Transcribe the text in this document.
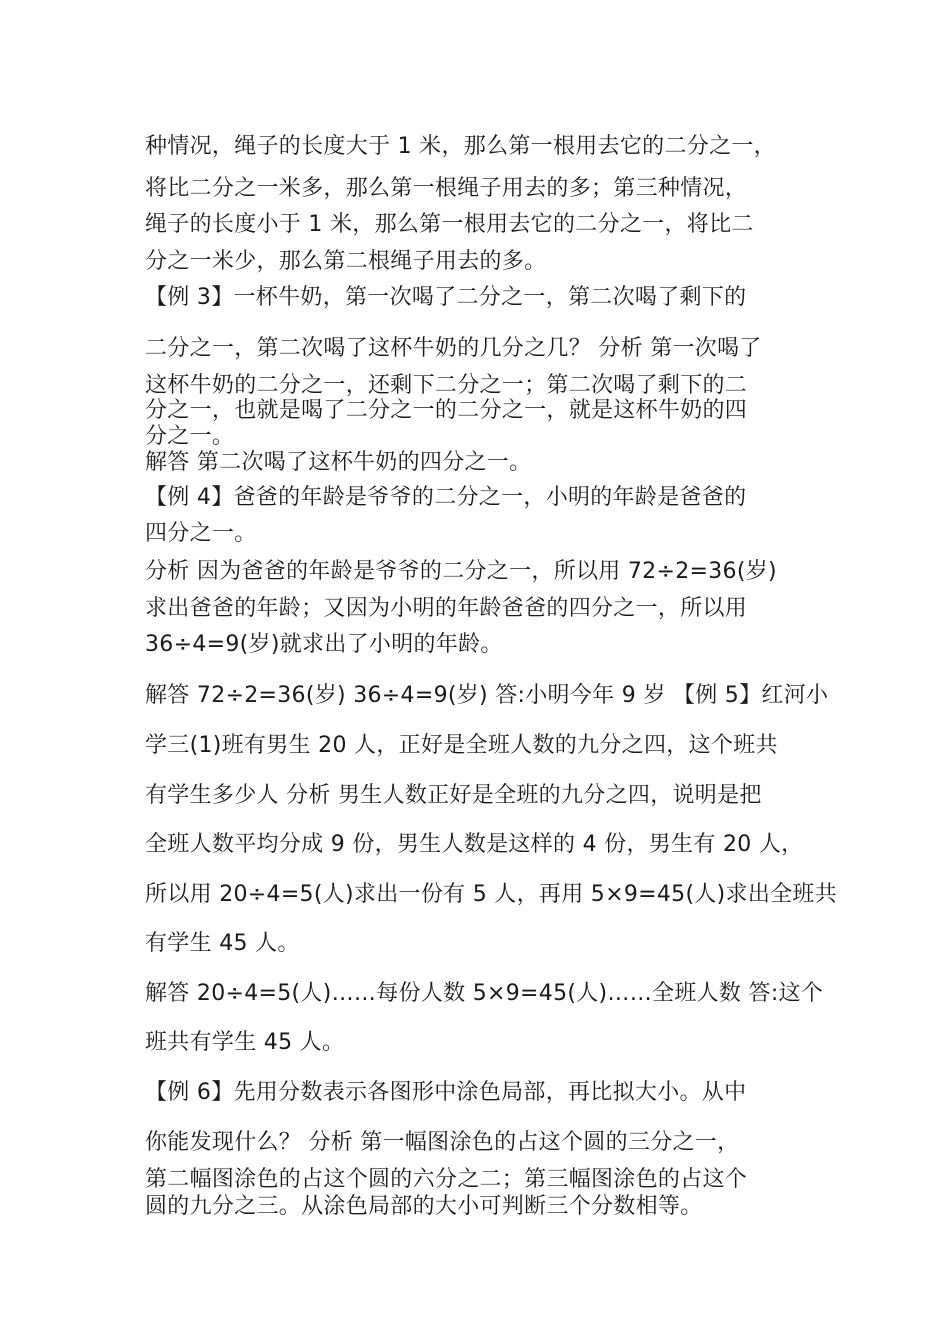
种情况，绳子的长度大于 1 米，那么第一根用去它的二分之一，
将比二分之一米多，那么第一根绳子用去的多；第三种情况，
绳子的长度小于 1 米，那么第一根用去它的二分之一，将比二
分之一米少，那么第二根绳子用去的多。
【例 3】一杯牛奶，第一次喝了二分之一，第二次喝了剩下的
二分之一，第二次喝了这杯牛奶的几分之几？ 分析 第一次喝了
这杯牛奶的二分之一，还剩下二分之一；第二次喝了剩下的二
分之一，也就是喝了二分之一的二分之一，就是这杯牛奶的四
分之一。
解答 第二次喝了这杯牛奶的四分之一。
【例 4】爸爸的年龄是爷爷的二分之一，小明的年龄是爸爸的
四分之一。
分析 因为爸爸的年龄是爷爷的二分之一，所以用 72÷2=36(岁)
求出爸爸的年龄；又因为小明的年龄爸爸的四分之一，所以用
36÷4=9(岁)就求出了小明的年龄。
解答 72÷2=36(岁) 36÷4=9(岁) 答:小明今年 9 岁 【例 5】红河小
学三(1)班有男生 20 人，正好是全班人数的九分之四，这个班共
有学生多少人 分析 男生人数正好是全班的九分之四，说明是把
全班人数平均分成 9 份，男生人数是这样的 4 份，男生有 20 人，
所以用 20÷4=5(人)求出一份有 5 人，再用 5×9=45(人)求出全班共
有学生 45 人。
解答 20÷4=5(人)……每份人数 5×9=45(人)……全班人数 答:这个
班共有学生 45 人。
【例 6】先用分数表示各图形中涂色局部，再比拟大小。从中
你能发现什么？ 分析 第一幅图涂色的占这个圆的三分之一，
第二幅图涂色的占这个圆的六分之二；第三幅图涂色的占这个
圆的九分之三。从涂色局部的大小可判断三个分数相等。
